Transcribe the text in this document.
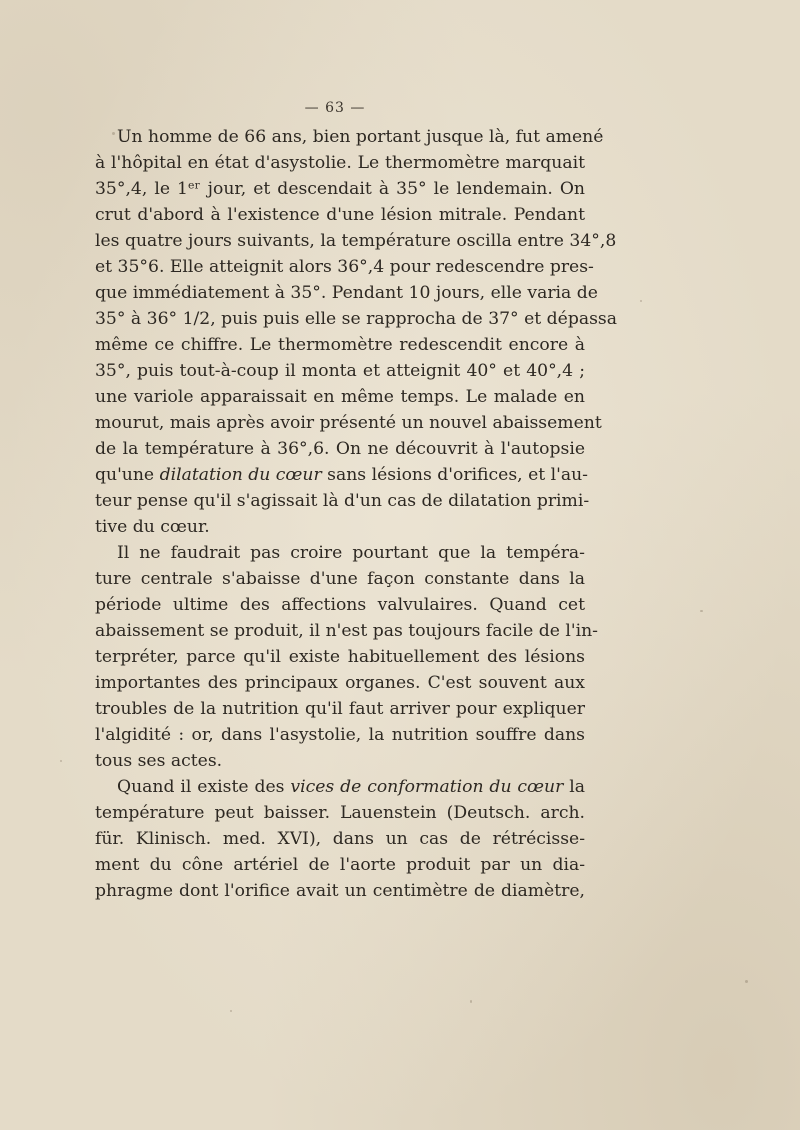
— 63 —
Un homme de 66 ans, bien portant jusque là, fut amené
à l'hôpital en état d'asystolie. Le thermomètre marquait
35°,4, le 1ᵉʳ jour, et descendait à 35° le lendemain. On
crut d'abord à l'existence d'une lésion mitrale. Pendant
les quatre jours suivants, la température oscilla entre 34°,8
et 35°6. Elle atteignit alors 36°,4 pour redescendre pres-
que immédiatement à 35°. Pendant 10 jours, elle varia de
35° à 36° 1/2, puis puis elle se rapprocha de 37° et dépassa
même ce chiffre. Le thermomètre redescendit encore à
35°, puis tout-à-coup il monta et atteignit 40° et 40°,4 ;
une variole apparaissait en même temps. Le malade en
mourut, mais après avoir présenté un nouvel abaissement
de la température à 36°,6. On ne découvrit à l'autopsie
qu'une dilatation du cœur sans lésions d'orifices, et l'au-
teur pense qu'il s'agissait là d'un cas de dilatation primi-
tive du cœur.
Il ne faudrait pas croire pourtant que la tempéra-
ture centrale s'abaisse d'une façon constante dans la
période ultime des affections valvulaires. Quand cet
abaissement se produit, il n'est pas toujours facile de l'in-
terpréter, parce qu'il existe habituellement des lésions
importantes des principaux organes. C'est souvent aux
troubles de la nutrition qu'il faut arriver pour expliquer
l'algidité : or, dans l'asystolie, la nutrition souffre dans
tous ses actes.
Quand il existe des vices de conformation du cœur la
température peut baisser. Lauenstein (Deutsch. arch.
für. Klinisch. med. XVI), dans un cas de rétrécisse-
ment du cône artériel de l'aorte produit par un dia-
phragme dont l'orifice avait un centimètre de diamètre,
